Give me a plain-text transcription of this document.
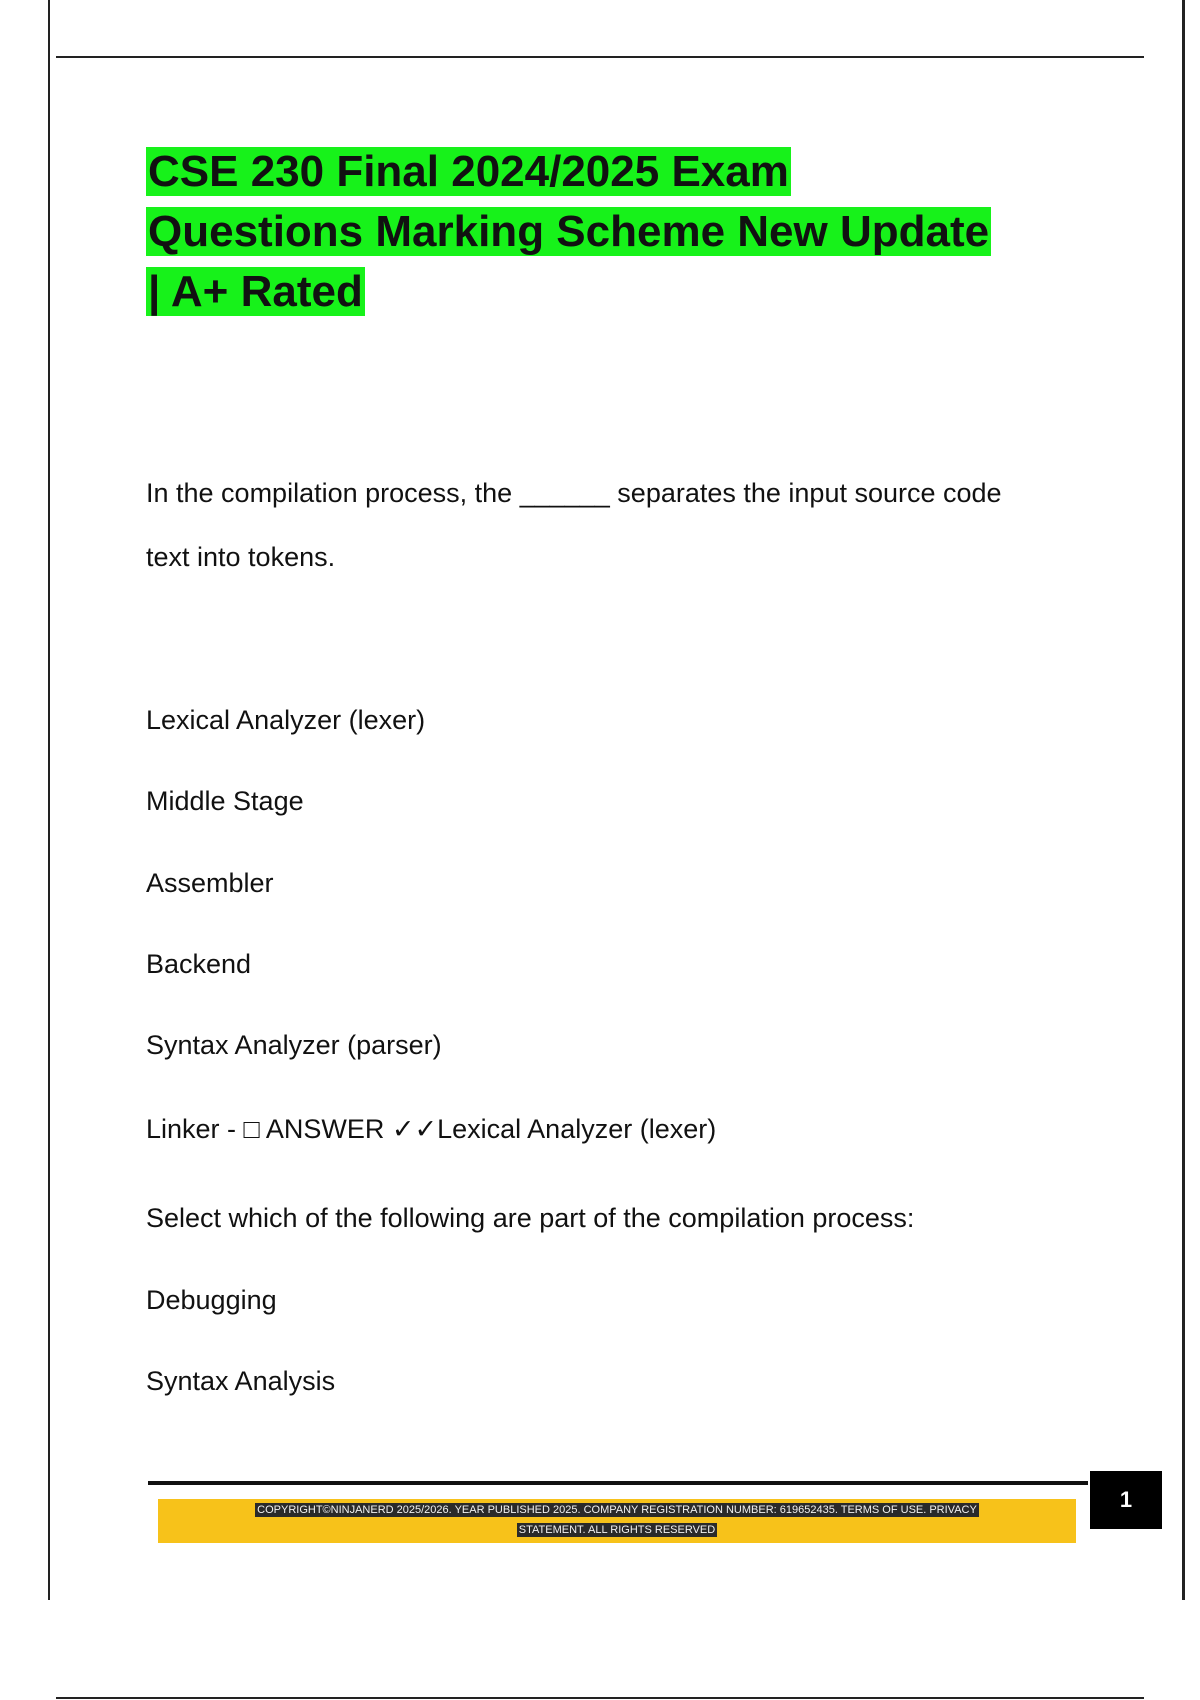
CSE 230 Final 2024/2025 Exam
Questions Marking Scheme New Update
| A+ Rated

In the compilation process, the ______ separates the input source code

text into tokens.

Lexical Analyzer (lexer)

Middle Stage

Assembler

Backend

Syntax Analyzer (parser)

Linker - □ ANSWER ✓✓Lexical Analyzer (lexer)

Select which of the following are part of the compilation process:

Debugging

Syntax Analysis

COPYRIGHT©NINJANERD 2025/2026. YEAR PUBLISHED 2025. COMPANY REGISTRATION NUMBER: 619652435. TERMS OF USE. PRIVACY
STATEMENT. ALL RIGHTS RESERVED
1
